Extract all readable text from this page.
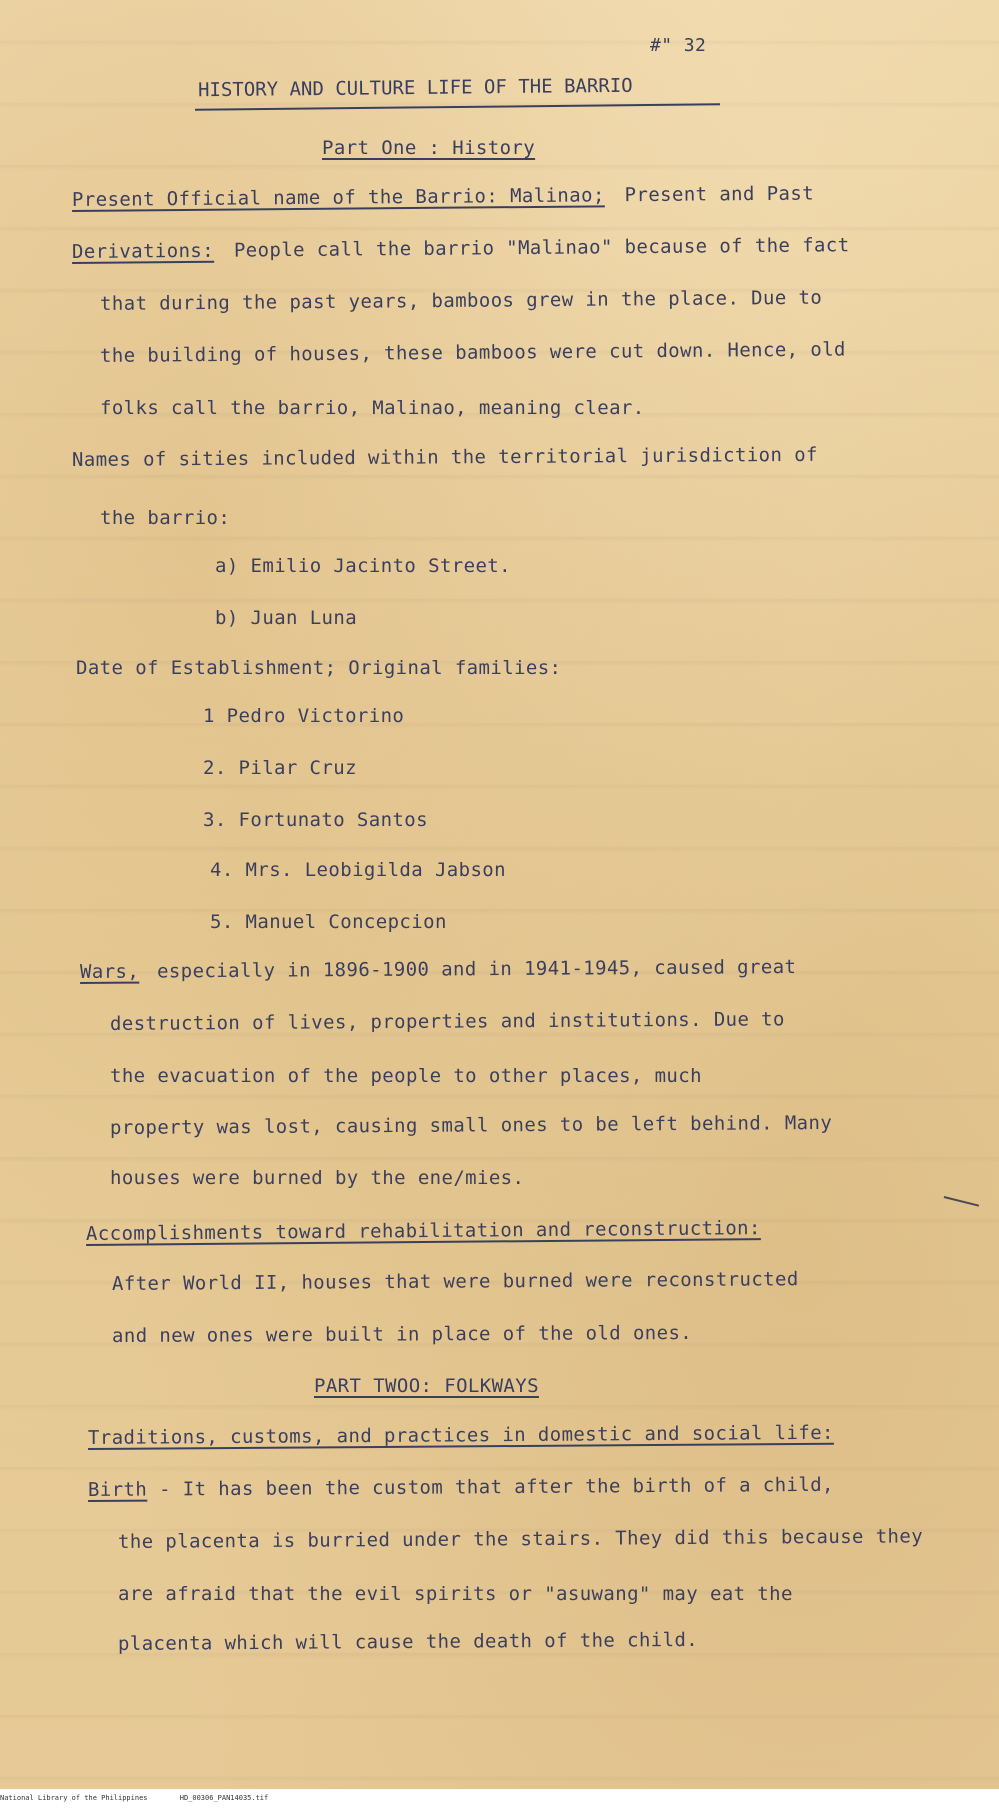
#" 32
HISTORY AND CULTURE LIFE OF THE BARRIO
Part One : History
Present Official name of the Barrio: Malinao; Present and Past
Derivations: People call the barrio "Malinao" because of the fact
that during the past years, bamboos grew in the place. Due to
the building of houses, these bamboos were cut down. Hence, old
folks call the barrio, Malinao, meaning clear.
Names of sities included within the territorial jurisdiction of
the barrio:
a) Emilio Jacinto Street.
b) Juan Luna
Date of Establishment; Original families:
1 Pedro Victorino
2. Pilar Cruz
3. Fortunato Santos
4. Mrs. Leobigilda Jabson
5. Manuel Concepcion
Wars, especially in 1896-1900 and in 1941-1945, caused great
destruction of lives, properties and institutions. Due to
the evacuation of the people to other places, much
property was lost, causing small ones to be left behind. Many
houses were burned by the ene/mies.
Accomplishments toward rehabilitation and reconstruction:
After World II, houses that were burned were reconstructed
and new ones were built in place of the old ones.
PART TWOO: FOLKWAYS
Traditions, customs, and practices in domestic and social life:
Birth - It has been the custom that after the birth of a child,
the placenta is burried under the stairs. They did this because they
are afraid that the evil spirits or "asuwang" may eat the
placenta which will cause the death of the child.
National Library of the Philippines	HD_00306_PAN14035.tif
